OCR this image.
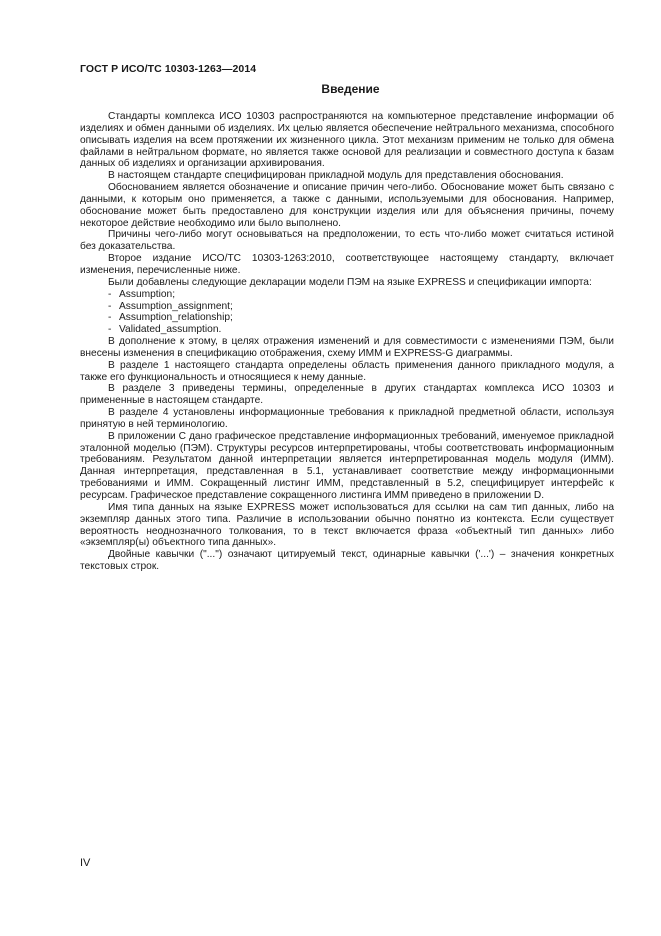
ГОСТ Р ИСО/ТС 10303-1263—2014
Введение

Стандарты комплекса ИСО 10303 распространяются на компьютерное представление информации об изделиях и обмен данными об изделиях. Их целью является обеспечение нейтрального механизма, способного описывать изделия на всем протяжении их жизненного цикла. Этот механизм применим не только для обмена файлами в нейтральном формате, но является также основой для реализации и совместного доступа к базам данных об изделиях и организации архивирования.

В настоящем стандарте специфицирован прикладной модуль для представления обоснования.

Обоснованием является обозначение и описание причин чего-либо. Обоснование может быть связано с данными, к которым оно применяется, а также с данными, используемыми для обоснования. Например, обоснование может быть предоставлено для конструкции изделия или для объяснения причины, почему некоторое действие необходимо или было выполнено.

Причины чего-либо могут основываться на предположении, то есть что-либо может считаться истиной без доказательства.

Второе издание ИСО/ТС 10303-1263:2010, соответствующее настоящему стандарту, включает изменения, перечисленные ниже.

Были добавлены следующие декларации модели ПЭМ на языке EXPRESS и спецификации импорта:

- Assumption;
- Assumption_assignment;
- Assumption_relationship;
- Validated_assumption.

В дополнение к этому, в целях отражения изменений и для совместимости с изменениями ПЭМ, были внесены изменения в спецификацию отображения, схему ИММ и EXPRESS-G диаграммы.

В разделе 1 настоящего стандарта определены область применения данного прикладного модуля, а также его функциональность и относящиеся к нему данные.

В разделе 3 приведены термины, определенные в других стандартах комплекса ИСО 10303 и примененные в настоящем стандарте.

В разделе 4 установлены информационные требования к прикладной предметной области, используя принятую в ней терминологию.

В приложении С дано графическое представление информационных требований, именуемое прикладной эталонной моделью (ПЭМ). Структуры ресурсов интерпретированы, чтобы соответствовать информационным требованиям. Результатом данной интерпретации является интерпретированная модель модуля (ИММ). Данная интерпретация, представленная в 5.1, устанавливает соответствие между информационными требованиями и ИММ. Сокращенный листинг ИММ, представленный в 5.2, специфицирует интерфейс к ресурсам. Графическое представление сокращенного листинга ИММ приведено в приложении D.

Имя типа данных на языке EXPRESS может использоваться для ссылки на сам тип данных, либо на экземпляр данных этого типа. Различие в использовании обычно понятно из контекста. Если существует вероятность неоднозначного толкования, то в текст включается фраза «объектный тип данных» либо «экземпляр(ы) объектного типа данных».

Двойные кавычки ("...") означают цитируемый текст, одинарные кавычки ('...') – значения конкретных текстовых строк.

IV
